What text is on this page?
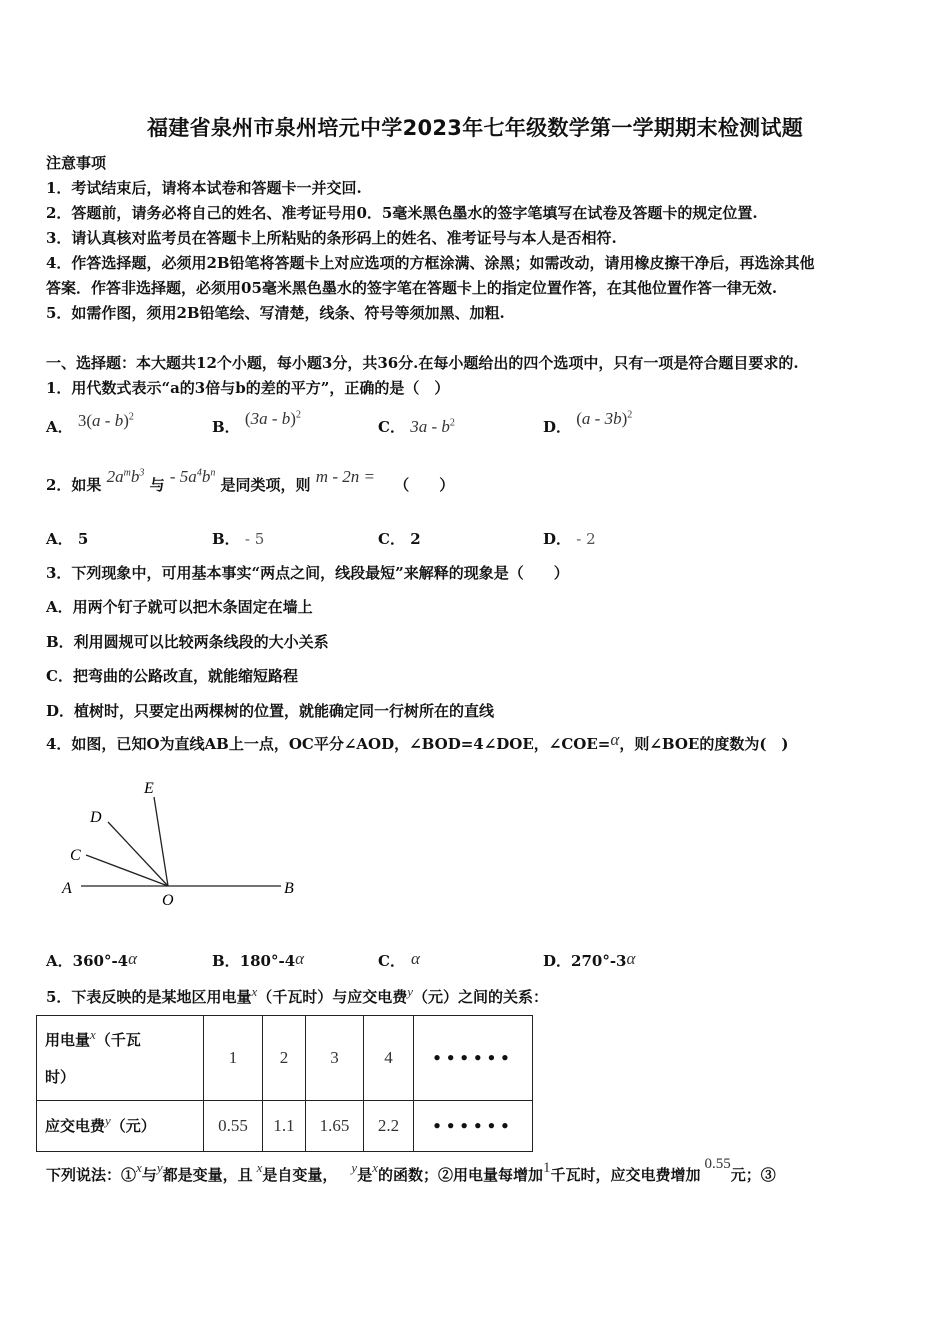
福建省泉州市泉州培元中学2023年七年级数学第一学期期末检测试题
注意事项
1．考试结束后，请将本试卷和答题卡一并交回.
2．答题前，请务必将自己的姓名、准考证号用0．5毫米黑色墨水的签字笔填写在试卷及答题卡的规定位置.
3．请认真核对监考员在答题卡上所粘贴的条形码上的姓名、准考证号与本人是否相符.
4．作答选择题，必须用2B铅笔将答题卡上对应选项的方框涂满、涂黑；如需改动，请用橡皮擦干净后，再选涂其他
答案．作答非选择题，必须用05毫米黑色墨水的签字笔在答题卡上的指定位置作答，在其他位置作答一律无效.
5．如需作图，须用2B铅笔绘、写清楚，线条、符号等须加黑、加粗.
一、选择题：本大题共12个小题，每小题3分，共36分.在每小题给出的四个选项中，只有一项是符合题目要求的.
1．用代数式表示“a的3倍与b的差的平方”，正确的是（　）
A． 3(a - b)$^2$
B． (3a - b)$^2$
C． $3a - b^2$	D． (a - 3b)$^2$
2．如果 $2a^mb^3$ 与 - $5a^4b^n$ 是同类项，则 m - 2n = （　　）
A． 5	B． - 5	C． 2	D． - 2
3．下列现象中，可用基本事实“两点之间，线段最短”来解释的现象是（　　）
A．用两个钉子就可以把木条固定在墙上
B．利用圆规可以比较两条线段的大小关系
C．把弯曲的公路改直，就能缩短路程
D．植树时，只要定出两棵树的位置，就能确定同一行树所在的直线
4．如图，已知O为直线AB上一点，OC平分∠AOD，∠BOD=4∠DOE，∠COE=α，则∠BOE的度数为(　)
A	B
C
D
E
O
A．360°-4α	B．180°-4α	C． α	D．270°-3α
5．下表反映的是某地区用电量x（千瓦时）与应交电费y（元）之间的关系：
用电量x（千瓦
时）	1	2	3	4	••••••
应交电费y（元）	0.55	1.1	1.65	2.2	••••••
下列说法：①x与y都是变量，且 x是自变量， y是x的函数；②用电量每增加1千瓦时，应交电费增加0.55元；③
